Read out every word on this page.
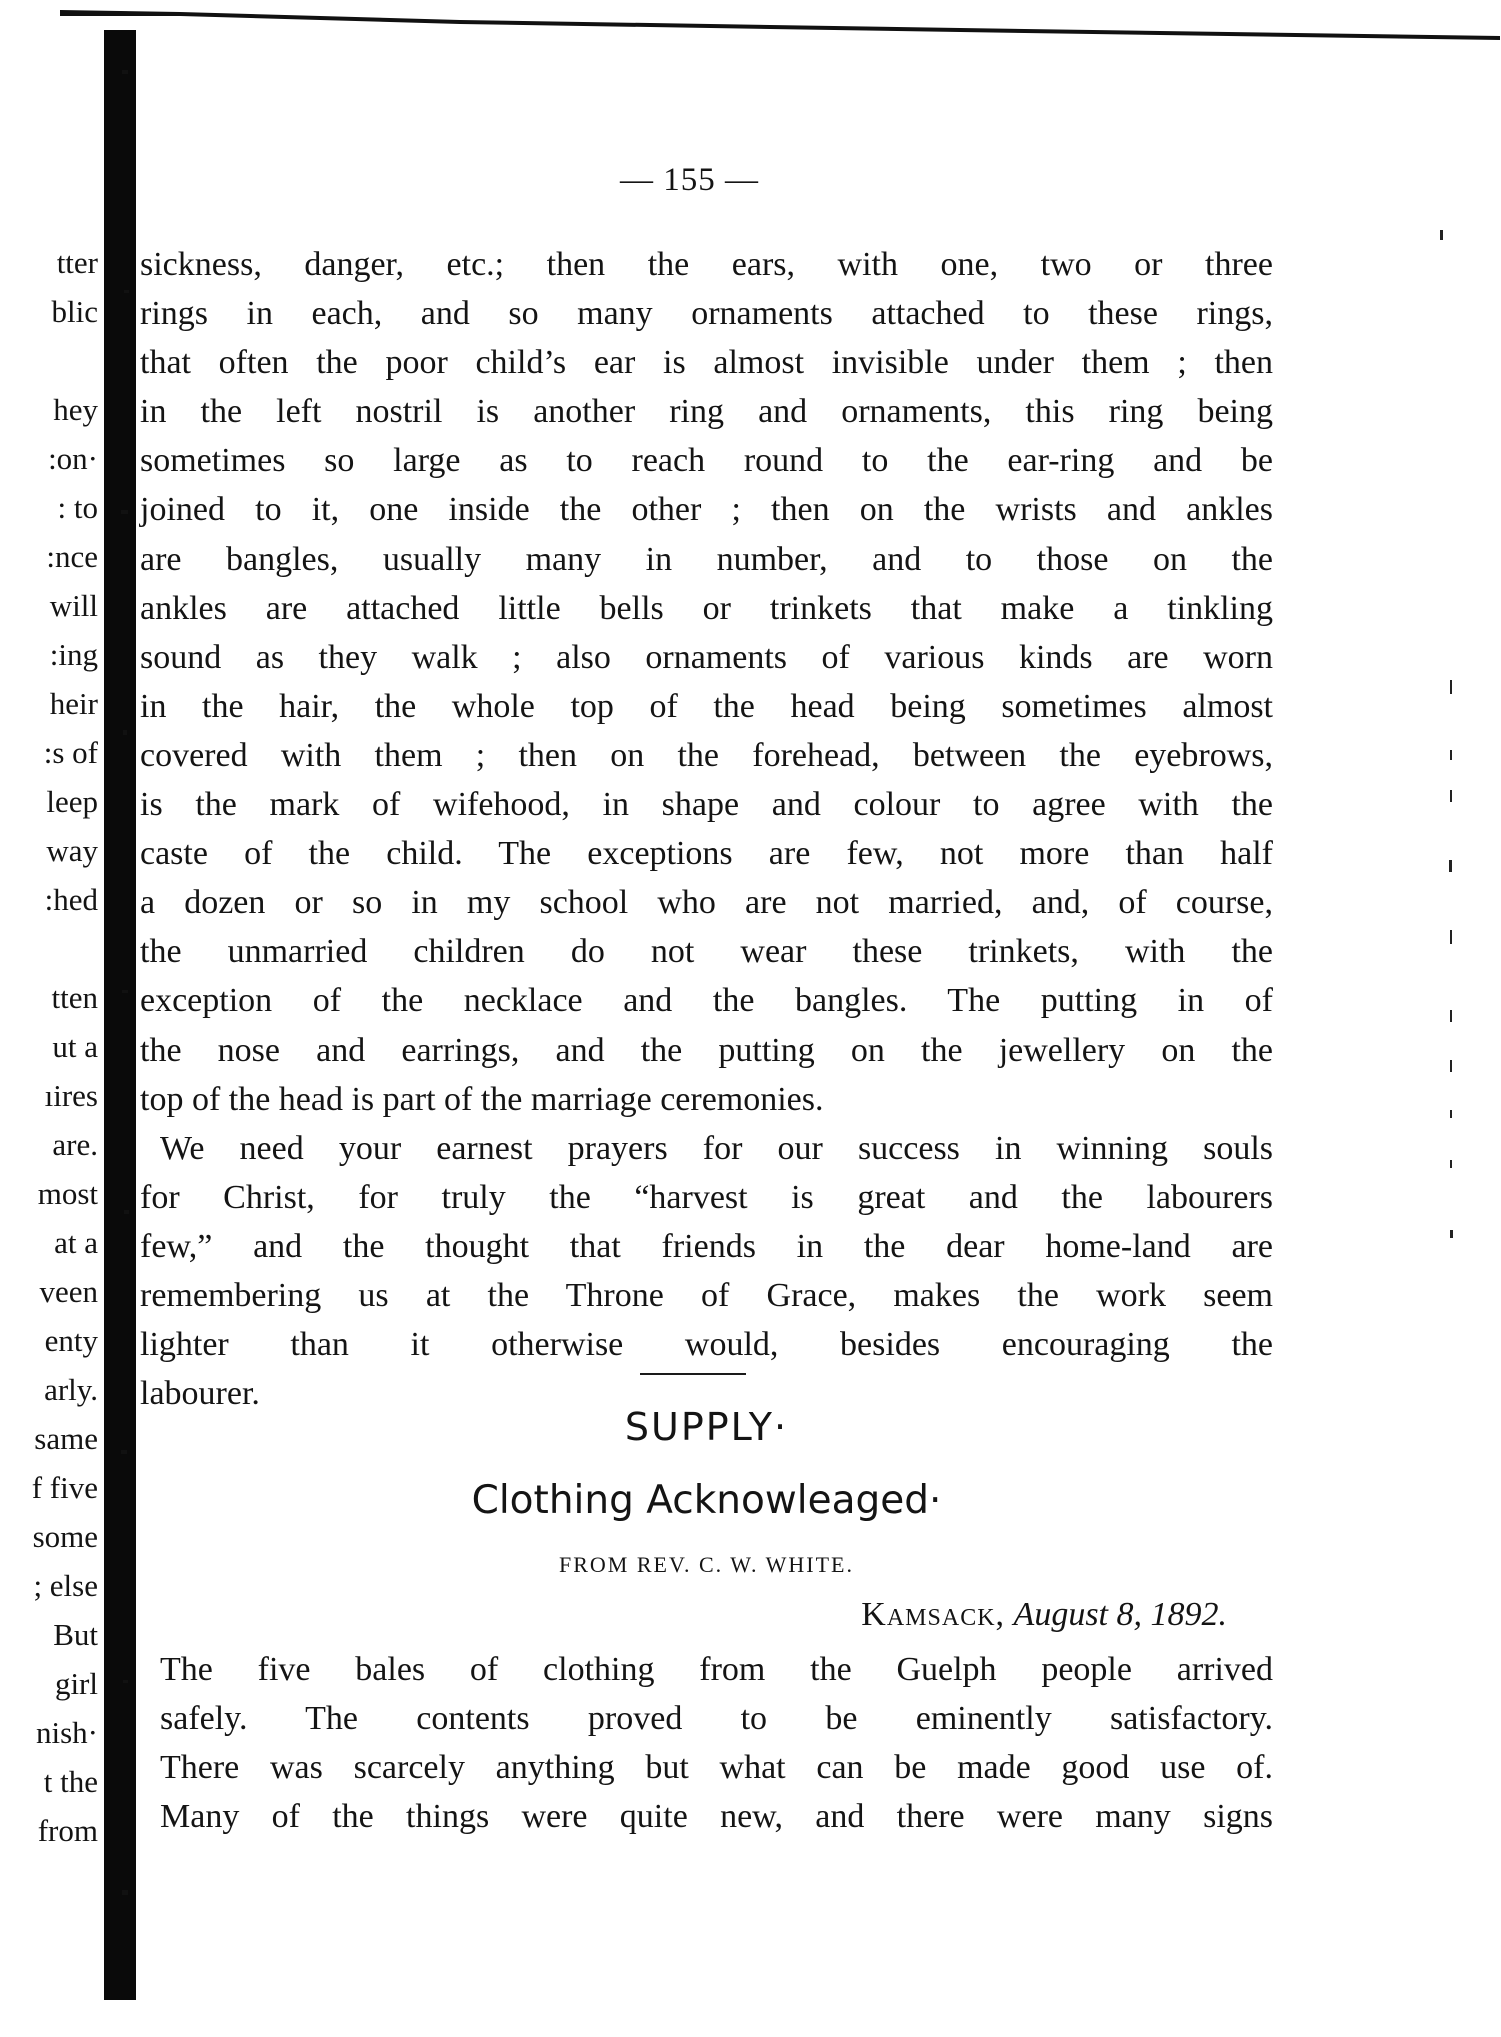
tter
blic
hey
:on·
: to
:nce
will
:ing
heir
:s of
leep
way
:hed
tten
ut a
ıires
are.
most
at a
veen
enty
arly.
same
f five
some
; else
But
girl
nish·
t the
from
— 155 —

sickness, danger, etc.; then the ears, with one, two or three

rings in each, and so many ornaments attached to these rings,

that often the poor child’s ear is almost invisible under them ; then

in the left nostril is another ring and ornaments, this ring being

sometimes so large as to reach round to the ear-ring and be

joined to it, one inside the other ; then on the wrists and ankles

are bangles, usually many in number, and to those on the

ankles are attached little bells or trinkets that make a tinkling

sound as they walk ; also ornaments of various kinds are worn

in the hair, the whole top of the head being sometimes almost

covered with them ; then on the forehead, between the eyebrows,

is the mark of wifehood, in shape and colour to agree with the

caste of the child. The exceptions are few, not more than half

a dozen or so in my school who are not married, and, of course,

the unmarried children do not wear these trinkets, with the

exception of the necklace and the bangles. The putting in of

the nose and earrings, and the putting on the jewellery on the

top of the head is part of the marriage ceremonies.

We need your earnest prayers for our success in winning souls

for Christ, for truly the “harvest is great and the labourers

few,” and the thought that friends in the dear home-land are

remembering us at the Throne of Grace, makes the work seem

lighter than it otherwise would, besides encouraging the

labourer.

SUPPLY·
Clothing Acknowleaged·
FROM REV. C. W. WHITE.
Kamsack, August 8, 1892.

The five bales of clothing from the Guelph people arrived

safely. The contents proved to be eminently satisfactory.

There was scarcely anything but what can be made good use of.

Many of the things were quite new, and there were many signs
